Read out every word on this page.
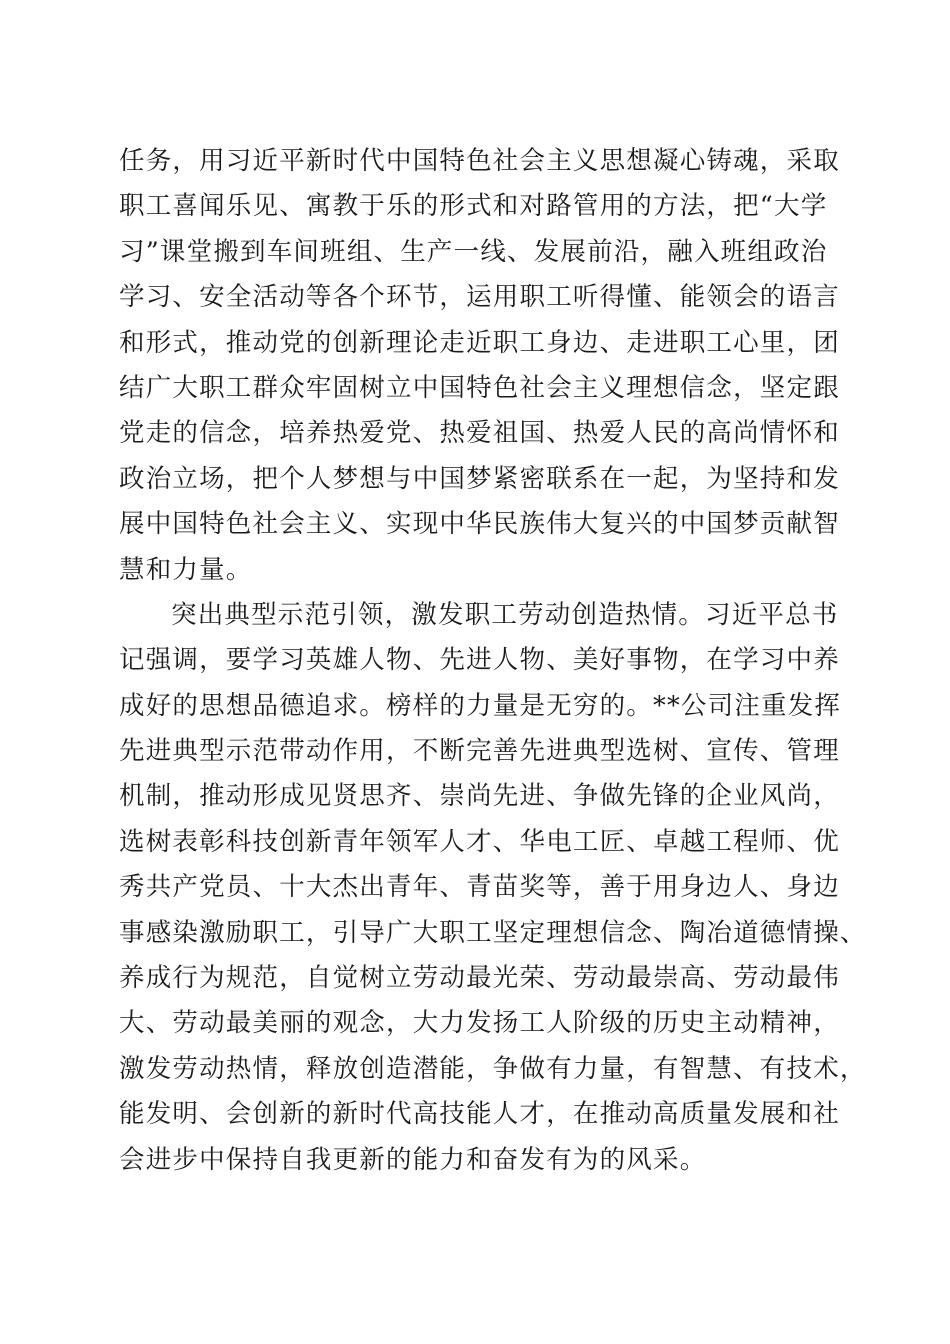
任务，用习近平新时代中国特色社会主义思想凝心铸魂，采取
职工喜闻乐见、寓教于乐的形式和对路管用的方法，把“大学
习”课堂搬到车间班组、生产一线、发展前沿，融入班组政治
学习、安全活动等各个环节，运用职工听得懂、能领会的语言
和形式，推动党的创新理论走近职工身边、走进职工心里，团
结广大职工群众牢固树立中国特色社会主义理想信念，坚定跟
党走的信念，培养热爱党、热爱祖国、热爱人民的高尚情怀和
政治立场，把个人梦想与中国梦紧密联系在一起，为坚持和发
展中国特色社会主义、实现中华民族伟大复兴的中国梦贡献智
慧和力量。
突出典型示范引领，激发职工劳动创造热情。习近平总书
记强调，要学习英雄人物、先进人物、美好事物，在学习中养
成好的思想品德追求。榜样的力量是无穷的。**公司注重发挥
先进典型示范带动作用，不断完善先进典型选树、宣传、管理
机制，推动形成见贤思齐、崇尚先进、争做先锋的企业风尚，
选树表彰科技创新青年领军人才、华电工匠、卓越工程师、优
秀共产党员、十大杰出青年、青苗奖等，善于用身边人、身边
事感染激励职工，引导广大职工坚定理想信念、陶冶道德情操、
养成行为规范，自觉树立劳动最光荣、劳动最崇高、劳动最伟
大、劳动最美丽的观念，大力发扬工人阶级的历史主动精神，
激发劳动热情，释放创造潜能，争做有力量，有智慧、有技术，
能发明、会创新的新时代高技能人才，在推动高质量发展和社
会进步中保持自我更新的能力和奋发有为的风采。
